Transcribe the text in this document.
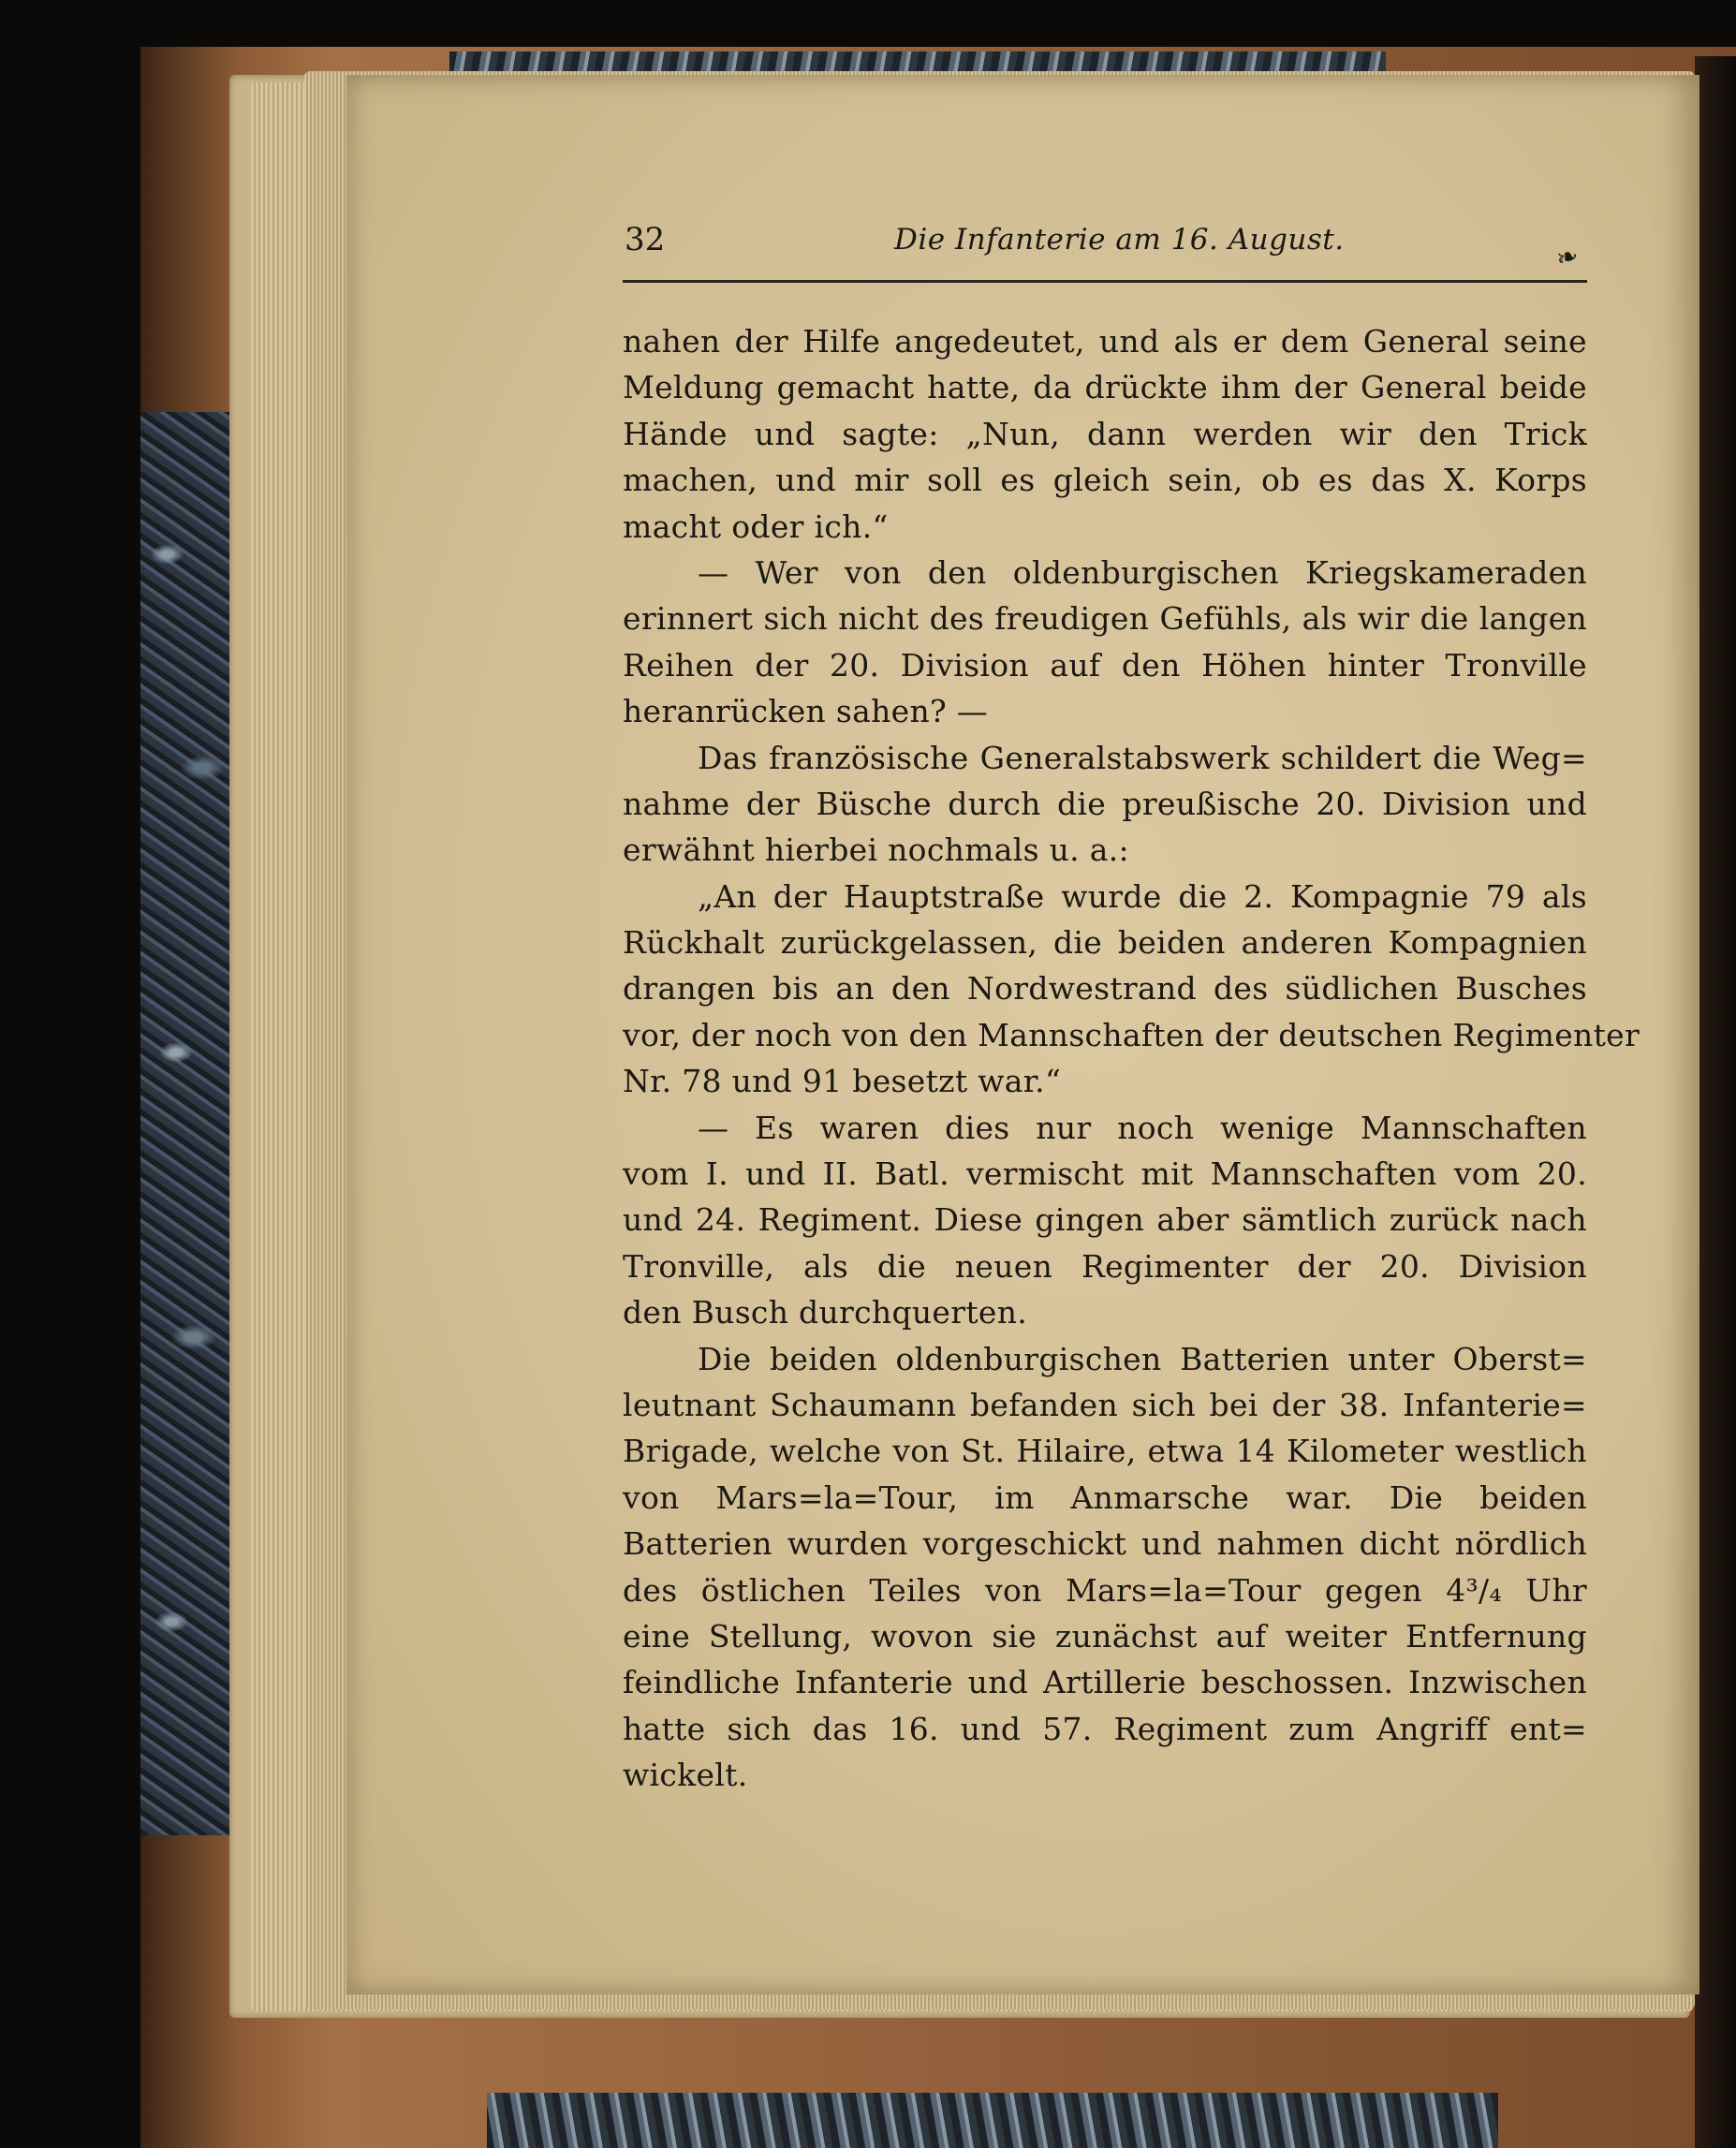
32	Die Infanterie am 16. August.	❧
nahen der Hilfe angedeutet, und als er dem General seine
Meldung gemacht hatte, da drückte ihm der General beide
Hände und sagte: „Nun, dann werden wir den Trick
machen, und mir soll es gleich sein, ob es das X. Korps
macht oder ich.“
— Wer von den oldenburgischen Kriegskameraden
erinnert sich nicht des freudigen Gefühls, als wir die langen
Reihen der 20. Division auf den Höhen hinter Tronville
heranrücken sahen? —
Das französische Generalstabswerk schildert die Weg=
nahme der Büsche durch die preußische 20. Division und
erwähnt hierbei nochmals u. a.:
„An der Hauptstraße wurde die 2. Kompagnie 79 als
Rückhalt zurückgelassen, die beiden anderen Kompagnien
drangen bis an den Nordwestrand des südlichen Busches
vor, der noch von den Mannschaften der deutschen Regimenter
Nr. 78 und 91 besetzt war.“
— Es waren dies nur noch wenige Mannschaften
vom I. und II. Batl. vermischt mit Mannschaften vom 20.
und 24. Regiment. Diese gingen aber sämtlich zurück nach
Tronville, als die neuen Regimenter der 20. Division
den Busch durchquerten.
Die beiden oldenburgischen Batterien unter Oberst=
leutnant Schaumann befanden sich bei der 38. Infanterie=
Brigade, welche von St. Hilaire, etwa 14 Kilometer westlich
von Mars=la=Tour, im Anmarsche war. Die beiden
Batterien wurden vorgeschickt und nahmen dicht nördlich
des östlichen Teiles von Mars=la=Tour gegen 4³/₄ Uhr
eine Stellung, wovon sie zunächst auf weiter Entfernung
feindliche Infanterie und Artillerie beschossen. Inzwischen
hatte sich das 16. und 57. Regiment zum Angriff ent=
wickelt.
